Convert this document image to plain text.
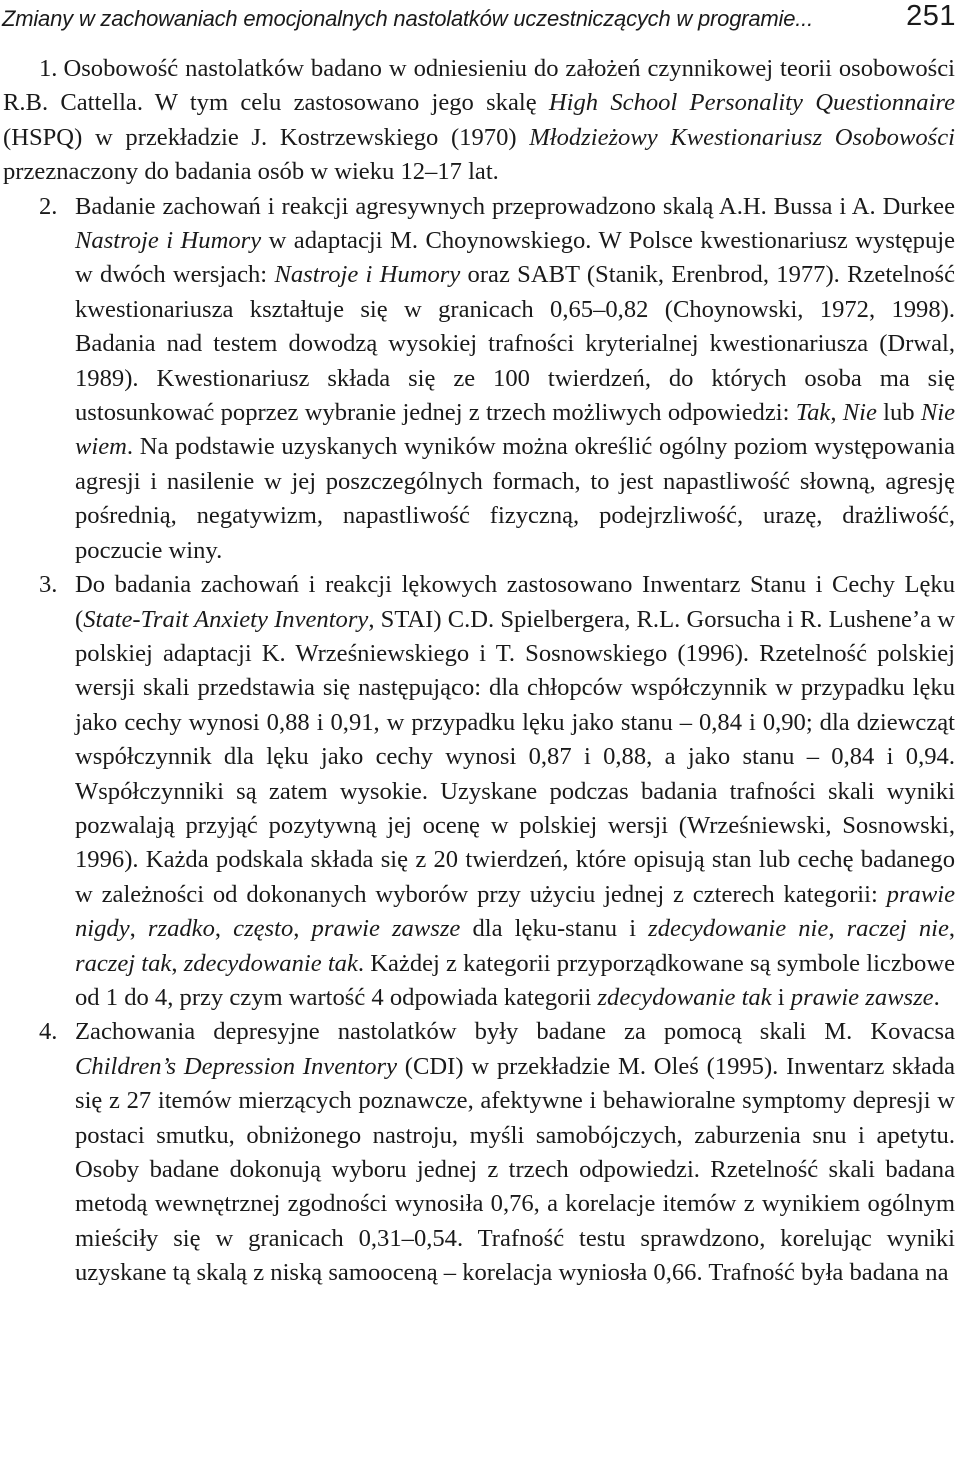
Zmiany w zachowaniach emocjonalnych nastolatków uczestniczących w programie...	251

1. Osobowość nastolatków badano w odniesieniu do założeń czynnikowej teorii osobowości R.B. Cattella. W tym celu zastosowano jego skalę High School Personality Questionnaire (HSPQ) w przekładzie J. Kostrzewskiego (1970) Młodzieżowy Kwestionariusz Osobowości przeznaczony do badania osób w wieku 12–17 lat.

2. Badanie zachowań i reakcji agresywnych przeprowadzono skalą A.H. Bussa i A. Durkee Nastroje i Humory w adaptacji M. Choynowskiego. W Polsce kwestionariusz występuje w dwóch wersjach: Nastroje i Humory oraz SABT (Stanik, Erenbrod, 1977). Rzetelność kwestionariusza kształtuje się w granicach 0,65–0,82 (Choynowski, 1972, 1998). Badania nad testem dowodzą wysokiej trafności kryterialnej kwestionariusza (Drwal, 1989). Kwestionariusz składa się ze 100 twierdzeń, do których osoba ma się ustosunkować poprzez wybranie jednej z trzech możliwych odpowiedzi: Tak, Nie lub Nie wiem. Na podstawie uzyskanych wyników można określić ogólny poziom występowania agresji i nasilenie w jej poszczególnych formach, to jest napastliwość słowną, agresję pośrednią, negatywizm, napastliwość fizyczną, podejrzliwość, urazę, drażliwość, poczucie winy.

3. Do badania zachowań i reakcji lękowych zastosowano Inwentarz Stanu i Cechy Lęku (State-Trait Anxiety Inventory, STAI) C.D. Spielbergera, R.L. Gorsucha i R. Lushene’a w polskiej adaptacji K. Wrześniewskiego i T. Sosnowskiego (1996). Rzetelność polskiej wersji skali przedstawia się następująco: dla chłopców współczynnik w przypadku lęku jako cechy wynosi 0,88 i 0,91, w przypadku lęku jako stanu – 0,84 i 0,90; dla dziewcząt współczynnik dla lęku jako cechy wynosi 0,87 i 0,88, a jako stanu – 0,84 i 0,94. Współczynniki są zatem wysokie. Uzyskane podczas badania trafności skali wyniki pozwalają przyjąć pozytywną jej ocenę w polskiej wersji (Wrześniewski, Sosnowski, 1996). Każda podskala składa się z 20 twierdzeń, które opisują stan lub cechę badanego w zależności od dokonanych wyborów przy użyciu jednej z czterech kategorii: prawie nigdy, rzadko, często, prawie zawsze dla lęku-stanu i zdecydowanie nie, raczej nie, raczej tak, zdecydowanie tak. Każdej z kategorii przyporządkowane są symbole liczbowe od 1 do 4, przy czym wartość 4 odpowiada kategorii zdecydowanie tak i prawie zawsze.

4. Zachowania depresyjne nastolatków były badane za pomocą skali M. Kovacsa Children’s Depression Inventory (CDI) w przekładzie M. Oleś (1995). Inwentarz składa się z 27 itemów mierzących poznawcze, afektywne i behawioralne symptomy depresji w postaci smutku, obniżonego nastroju, myśli samobójczych, zaburzenia snu i apetytu. Osoby badane dokonują wyboru jednej z trzech odpowiedzi. Rzetelność skali badana metodą wewnętrznej zgodności wynosiła 0,76, a korelacje itemów z wynikiem ogólnym mieściły się w granicach 0,31–0,54. Trafność testu sprawdzono, korelując wyniki uzyskane tą skalą z niską samooceną – korelacja wyniosła 0,66. Trafność była badana na
